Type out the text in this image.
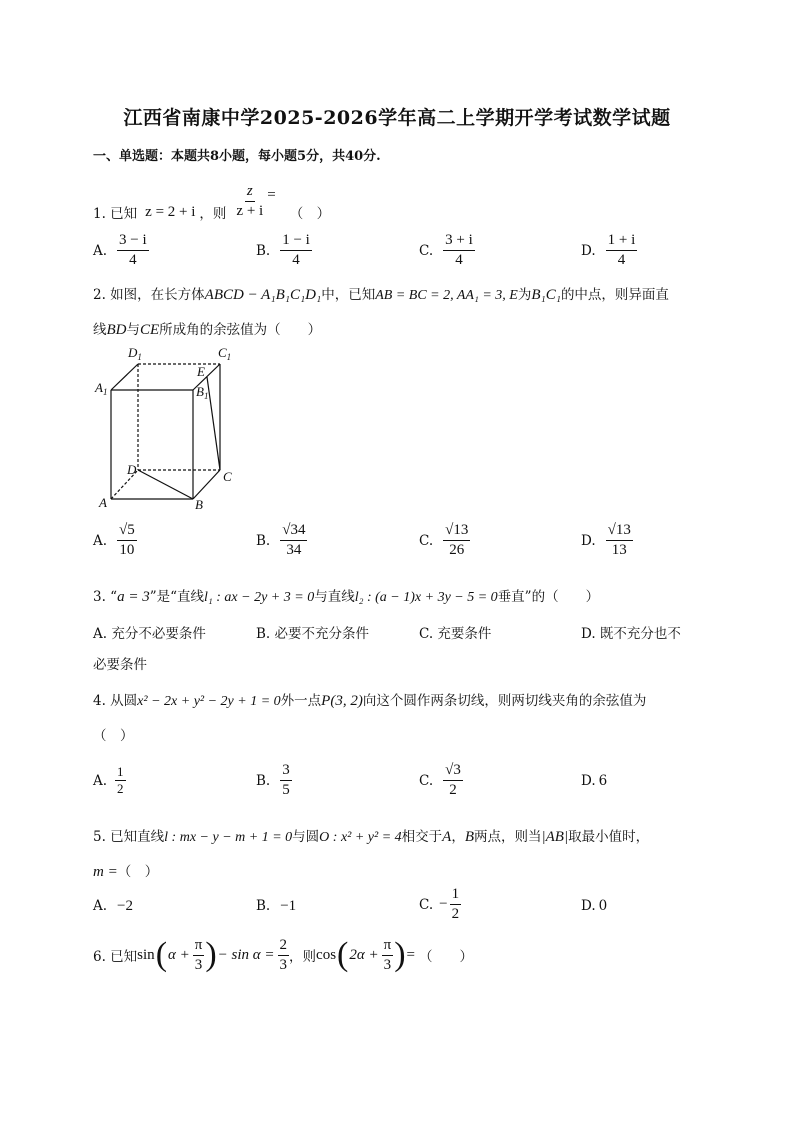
江西省南康中学2025-2026学年高二上学期开学考试数学试题
一、单选题：本题共8小题，每小题5分，共40分.
1. 已知 z = 2 + i ，则 $\frac{z}{z + i}$ =
（　）
A. $\frac{3 - i}{4}$	B. $\frac{1 - i}{4}$	C. $\frac{3 + i}{4}$	D. $\frac{1 + i}{4}$
2. 如图，在长方体ABCD − A₁B₁C₁D₁中，已知AB = BC = 2, AA₁ = 3, E为B₁C₁的中点，则异面直
线BD与CE所成角的余弦值为（　　）
$D_1$	$C_1$
$A_1$
E
$B_1$
D	C
A	B
A. $\frac{√5}{10}$	B. $\frac{√34}{34}$	C. $\frac{√13}{26}$	D. $\frac{√13}{13}$
3. “a = 3”是“直线l₁ : ax − 2y + 3 = 0与直线l₂ : (a − 1)x + 3y − 5 = 0垂直”的（　　）
A. 充分不必要条件	B. 必要不充分条件	C. 充要条件	D. 既不充分也不
必要条件
4. 从圆x² − 2x + y² − 2y + 1 = 0外一点P(3, 2)向这个圆作两条切线，则两切线夹角的余弦值为
（　）
A. $\frac{1}{2}$	B. $\frac{3}{5}$	C. $\frac{√3}{2}$	D. 6
5. 已知直线l : mx − y − m + 1 = 0与圆O : x² + y² = 4相交于A，B两点，则当|AB|取最小值时，
m =（　）
A. −2	B. −1	C. − $\frac{1}{2}$	D. 0
6. 已知 sin ( $\alpha + \frac{\pi}{3}$ ) − $\sin \alpha = \frac{2}{3}$ ，则 cos ( $2\alpha + \frac{\pi}{3}$ ) = （　　）
